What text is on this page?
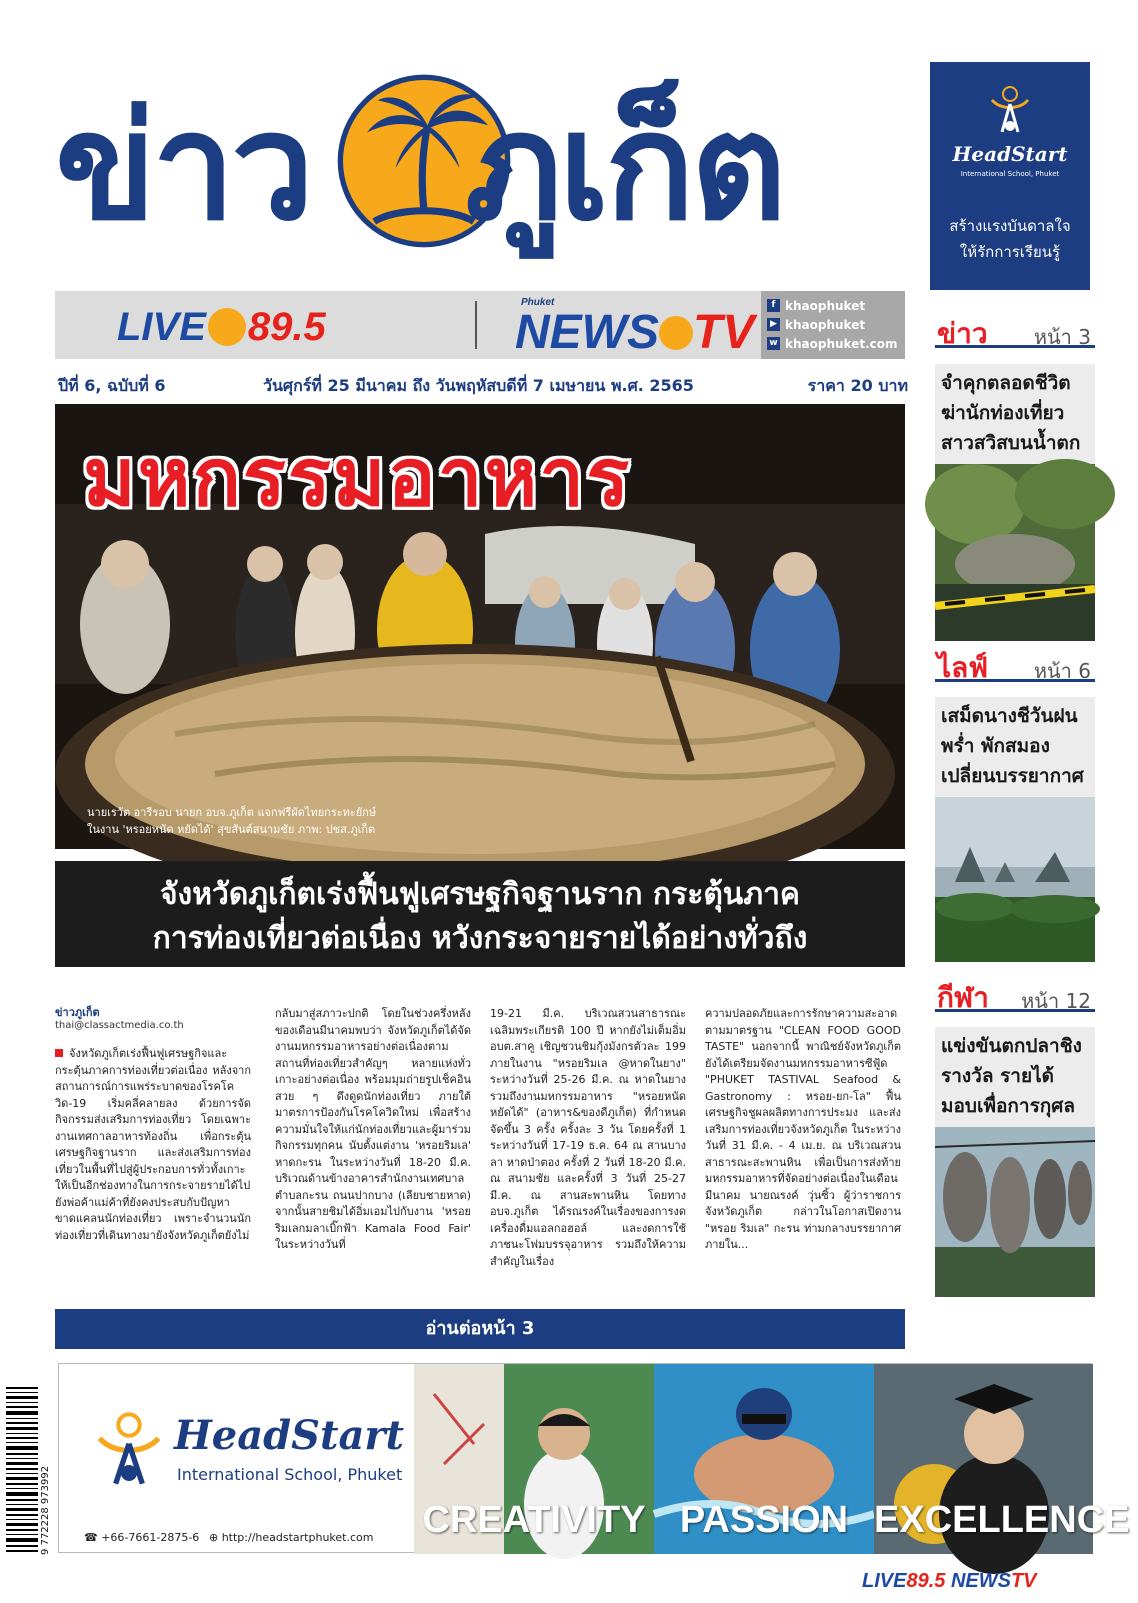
ข่าว ภูเก็ต	HeadStart
International School, Phuket
สร้างแรงบันดาลใจ
ให้รักการเรียนรู้
LIVE 89.5
Phuket
NEWS TV
f khaophuket
▶ khaophuket
w khaophuket.com
ปีที่ 6, ฉบับที่ 6	วันศุกร์ที่ 25 มีนาคม ถึง วันพฤหัสบดีที่ 7 เมษายน พ.ศ. 2565	ราคา 20 บาท
มหกรรมอาหาร
นายเรวัต อารีรอบ นายก อบจ.ภูเก็ต แจกฟรีผัดไทยกระทะยักษ์
ในงาน 'หรอยหนัด หยัดได้' สุขสันต์สนามชัย ภาพ: ปชส.ภูเก็ต
จังหวัดภูเก็ตเร่งฟื้นฟูเศรษฐกิจฐานราก กระตุ้นภาค
การท่องเที่ยวต่อเนื่อง หวังกระจายรายได้อย่างทั่วถึง
ข่าวภูเก็ต
thai@classactmedia.co.th

จังหวัดภูเก็ตเร่งฟื้นฟูเศรษฐกิจและกระตุ้นภาคการท่องเที่ยวต่อเนื่อง หลังจากสถานการณ์การแพร่ระบาดของโรคโควิด-19 เริ่มคลี่คลายลง ด้วยการจัดกิจกรรมส่งเสริมการท่องเที่ยว โดยเฉพาะงานเทศกาลอาหารท้องถิ่น เพื่อกระตุ้นเศรษฐกิจฐานราก และส่งเสริมการท่องเที่ยวในพื้นที่ไปสู่ผู้ประกอบการทั่วทั้งเกาะ ให้เป็นอีกช่องทางในการกระจายรายได้ไปยังพ่อค้าแม่ค้าที่ยังคงประสบกับปัญหาขาดแคลนนักท่องเที่ยว เพราะจำนวนนักท่องเที่ยวที่เดินทางมายังจังหวัดภูเก็ตยังไม่

กลับมาสู่สภาวะปกติ โดยในช่วงครึ่งหลังของเดือนมีนาคมพบว่า จังหวัดภูเก็ตได้จัดงานมหกรรมอาหารอย่างต่อเนื่องตามสถานที่ท่องเที่ยวสำคัญๆ หลายแห่งทั่วเกาะอย่างต่อเนื่อง พร้อมมุมถ่ายรูปเช็คอินสวย ๆ ดึงดูดนักท่องเที่ยว ภายใต้มาตรการป้องกันโรคโควิดใหม่ เพื่อสร้างความมั่นใจให้แก่นักท่องเที่ยวและผู้มาร่วมกิจกรรมทุกคน นับตั้งแต่งาน 'หรอยริมเล' หาดกะรน ในระหว่างวันที่ 18-20 มี.ค. บริเวณด้านข้างอาคารสำนักงานเทศบาลตำบลกะรน ถนนปากบาง (เลียบชายหาด) จากนั้นสายชิมได้อิ่มเอมไปกับงาน 'หรอยริมเลกมลาเบิ๊กฟ้า Kamala Food Fair' ในระหว่างวันที่

19-21 มี.ค. บริเวณสวนสาธารณะเฉลิมพระเกียรติ 100 ปี หากยังไม่เต็มอิ่ม อบต.สาคู เชิญชวนชิมกุ้งมังกรตัวละ 199 ภายในงาน "หรอยริมเล @หาดในยาง" ระหว่างวันที่ 25-26 มี.ค. ณ หาดในยาง รวมถึงงานมหกรรมอาหาร "หรอยหนัด หยัดได้" (อาหาร&ของดีภูเก็ต) ที่กำหนดจัดขึ้น 3 ครั้ง ครั้งละ 3 วัน โดยครั้งที่ 1 ระหว่างวันที่ 17-19 ธ.ค. 64 ณ สานบางลา หาดป่าตอง ครั้งที่ 2 วันที่ 18-20 มี.ค. ณ สนามชัย และครั้งที่ 3 วันที่ 25-27 มี.ค. ณ สานสะพานหิน โดยทาง อบจ.ภูเก็ต ได้รณรงค์ในเรื่องของการงดเครื่องดื่มแอลกอฮอล์ และงดการใช้ภาชนะโฟมบรรจุอาหาร รวมถึงให้ความสำคัญในเรื่อง

ความปลอดภัยและการรักษาความสะอาดตามมาตรฐาน "CLEAN FOOD GOOD TASTE" นอกจากนี้ พาณิชย์จังหวัดภูเก็ต ยังได้เตรียมจัดงานมหกรรมอาหารซีฟู้ด "PHUKET TASTIVAL Seafood & Gastronomy : หรอย-ยก-โล" ฟื้นเศรษฐกิจชูผลผลิตทางการประมง และส่งเสริมการท่องเที่ยวจังหวัดภูเก็ต ในระหว่างวันที่ 31 มี.ค. - 4 เม.ย. ณ บริเวณสวนสาธารณะสะพานหิน เพื่อเป็นการส่งท้ายมหกรรมอาหารที่จัดอย่างต่อเนื่องในเดือนมีนาคม นายณรงค์ วุ่นซิ้ว ผู้ว่าราชการจังหวัดภูเก็ต กล่าวในโอกาสเปิดงาน "หรอย ริมเล" กะรน ท่ามกลางบรรยากาศภายใน...

อ่านต่อหน้า 3
ข่าว หน้า 3
จำคุกตลอดชีวิต ฆ่านักท่องเที่ยว สาวสวิสบนน้ำตก
ไลฟ์ หน้า 6
เสม็ดนางชีวันฝนพร่ำ พักสมอง เปลี่ยนบรรยากาศ
กีฬา หน้า 12
แข่งขันตกปลาชิงรางวัล รายได้มอบเพื่อการกุศล
HeadStart
International School, Phuket
☎ +66-7661-2875-6 ⊕ http://headstartphuket.com CREATIVITY PASSION EXCELLENCE
9 772228 973992
LIVE89.5 NEWSTV
